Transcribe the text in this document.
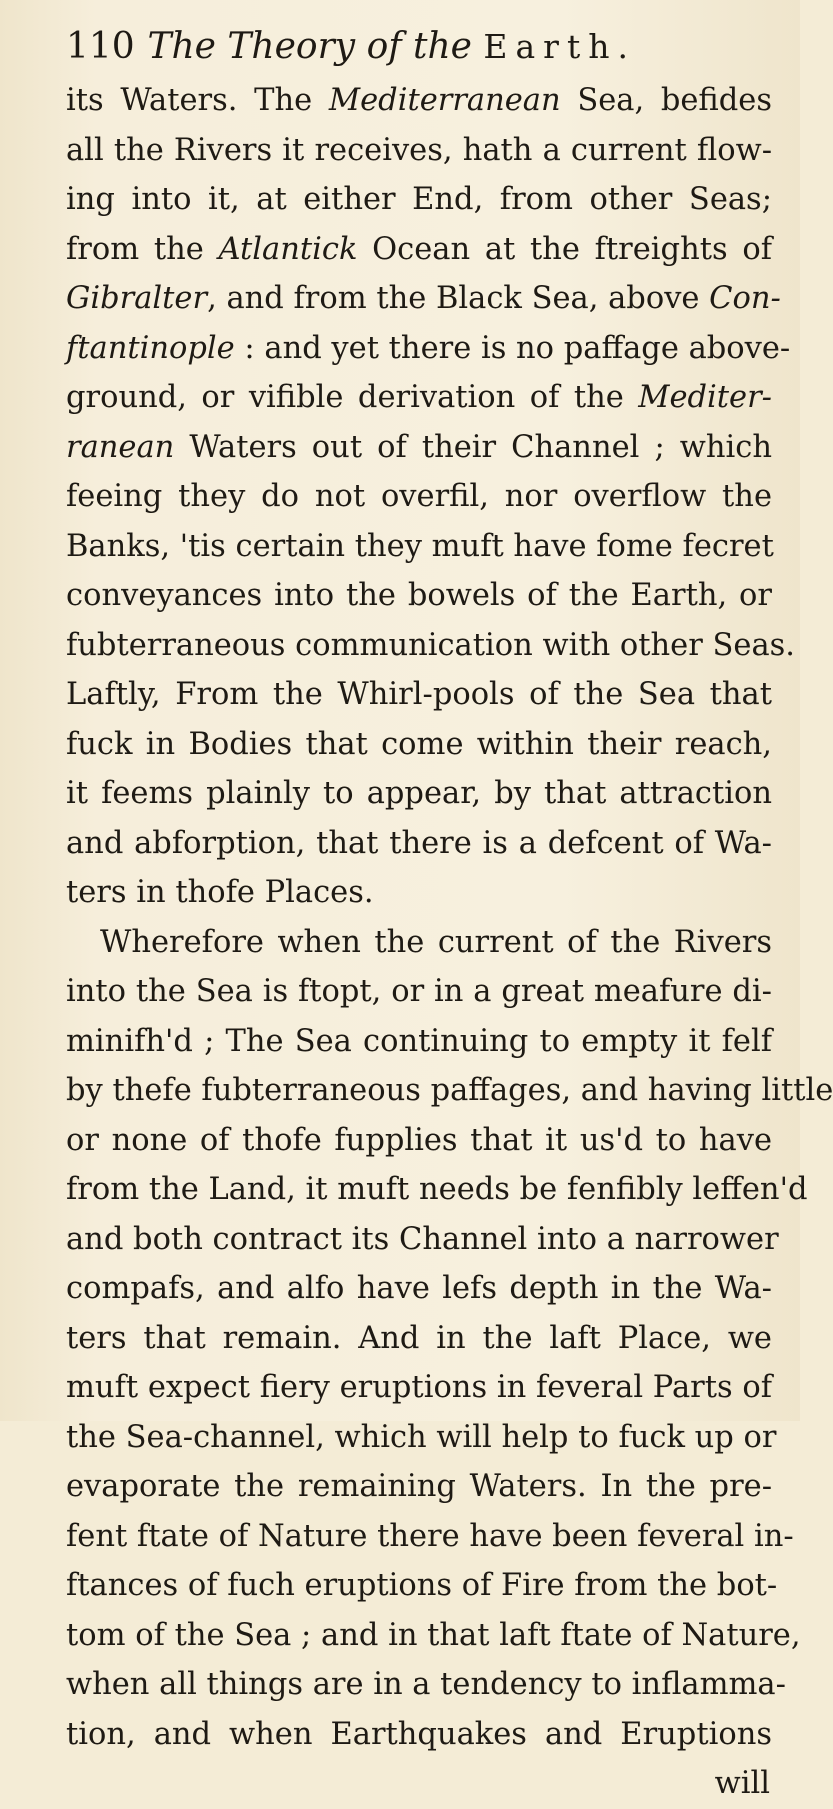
110 The Theory of the Earth.
its Waters. The Mediterranean Sea, befides
all the Rivers it receives, hath a current flow-
ing into it, at either End, from other Seas;
from the Atlantick Ocean at the ftreights of
Gibralter, and from the Black Sea, above Con-
ftantinople : and yet there is no paffage above-
ground, or vifible derivation of the Mediter-
ranean Waters out of their Channel ; which
feeing they do not overfil, nor overflow the
Banks, 'tis certain they muft have fome fecret
conveyances into the bowels of the Earth, or
fubterraneous communication with other Seas.
Laftly, From the Whirl-pools of the Sea that
fuck in Bodies that come within their reach,
it feems plainly to appear, by that attraction
and abforption, that there is a defcent of Wa-
ters in thofe Places.
Wherefore when the current of the Rivers
into the Sea is ftopt, or in a great meafure di-
minifh'd ; The Sea continuing to empty it felf
by thefe fubterraneous paffages, and having little
or none of thofe fupplies that it us'd to have
from the Land, it muft needs be fenfibly leffen'd
and both contract its Channel into a narrower
compafs, and alfo have lefs depth in the Wa-
ters that remain. And in the laft Place, we
muft expect fiery eruptions in feveral Parts of
the Sea-channel, which will help to fuck up or
evaporate the remaining Waters. In the pre-
fent ftate of Nature there have been feveral in-
ftances of fuch eruptions of Fire from the bot-
tom of the Sea ; and in that laft ftate of Nature,
when all things are in a tendency to inflamma-
tion, and when Earthquakes and Eruptions
will
